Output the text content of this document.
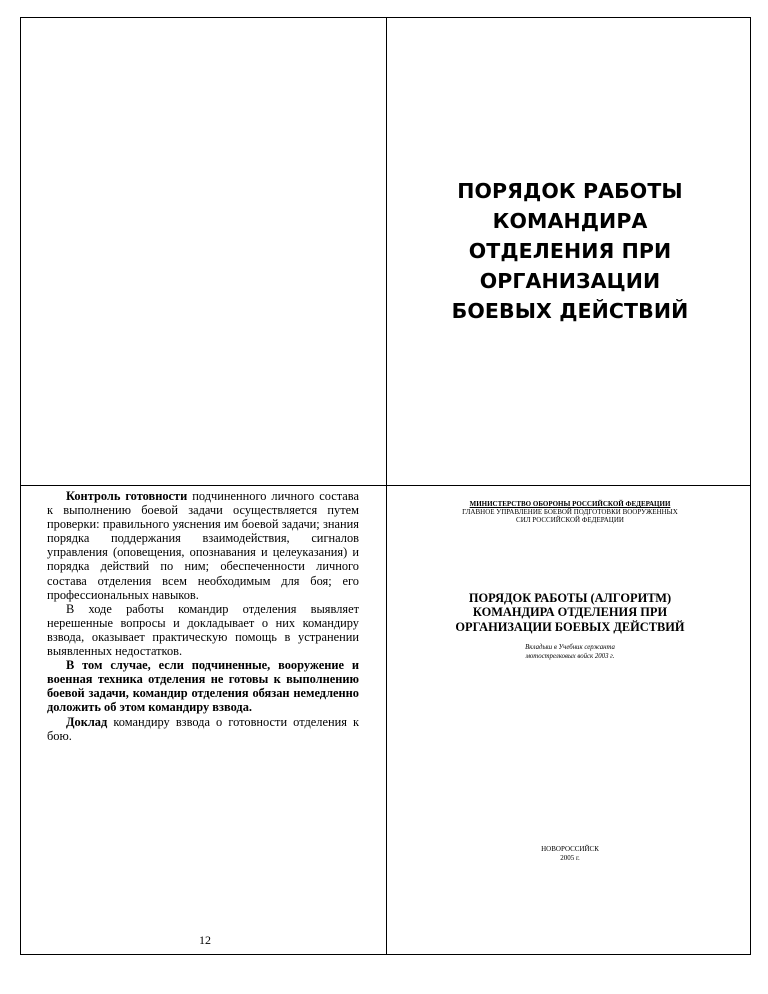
ПОРЯДОК РАБОТЫ
КОМАНДИРА
ОТДЕЛЕНИЯ ПРИ
ОРГАНИЗАЦИИ
БОЕВЫХ ДЕЙСТВИЙ

Контроль готовности подчиненного личного состава к выполнению боевой задачи осуществляется путем проверки: правильного уяснения им боевой задачи; знания порядка поддержания взаимодействия, сигналов управления (оповещения, опознавания и целеуказания) и порядка действий по ним; обеспеченности личного состава отделения всем необходимым для боя; его профессиональных навыков.

В ходе работы командир отделения выявляет нерешенные вопросы и докладывает о них командиру взвода, оказывает практическую помощь в устранении выявленных недостатков.

В том случае, если подчиненные, вооружение и военная техника отделения не готовы к выполнению боевой задачи, командир отделения обязан немедленно доложить об этом командиру взвода.

Доклад командиру взвода о готовности отделения к бою.

12
МИНИСТЕРСТВО ОБОРОНЫ РОССИЙСКОЙ ФЕДЕРАЦИИ
ГЛАВНОЕ УПРАВЛЕНИЕ БОЕВОЙ ПОДГОТОВКИ ВООРУЖЕННЫХ
СИЛ РОССИЙСКОЙ ФЕДЕРАЦИИ
ПОРЯДОК РАБОТЫ (АЛГОРИТМ)
КОМАНДИРА ОТДЕЛЕНИЯ ПРИ
ОРГАНИЗАЦИИ БОЕВЫХ ДЕЙСТВИЙ
Вкладыш в Учебник сержанта
мотострелковых войск 2003 г.
НОВОРОССИЙСК
2005 г.
